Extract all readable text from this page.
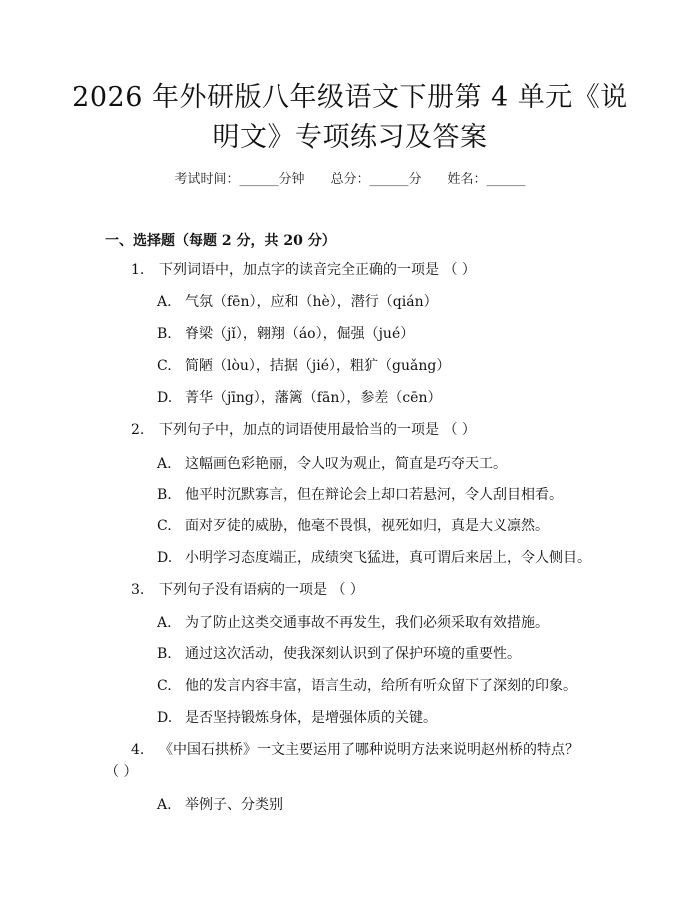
2026 年外研版八年级语文下册第 4 单元《说
明文》专项练习及答案
考试时间：______分钟 总分：______分 姓名：______
一、选择题（每题 2 分，共 20 分）
1. 下列词语中，加点字的读音完全正确的一项是 （ ）
A. 气氛（fēn），应和（hè），潜行（qián）
B. 脊梁（jǐ），翱翔（áo），倔强（jué）
C. 简陋（lòu），拮据（jié），粗犷（guǎng）
D. 菁华（jīng），藩篱（fān），参差（cēn）
2. 下列句子中，加点的词语使用最恰当的一项是 （ ）
A. 这幅画色彩艳丽，令人叹为观止，简直是巧夺天工。
B. 他平时沉默寡言，但在辩论会上却口若悬河，令人刮目相看。
C. 面对歹徒的威胁，他毫不畏惧，视死如归，真是大义凛然。
D. 小明学习态度端正，成绩突飞猛进，真可谓后来居上，令人侧目。
3. 下列句子没有语病的一项是 （ ）
A. 为了防止这类交通事故不再发生，我们必须采取有效措施。
B. 通过这次活动，使我深刻认识到了保护环境的重要性。
C. 他的发言内容丰富，语言生动，给所有听众留下了深刻的印象。
D. 是否坚持锻炼身体，是增强体质的关键。
4. 《中国石拱桥》一文主要运用了哪种说明方法来说明赵州桥的特点？
（ ）
A. 举例子、分类别
